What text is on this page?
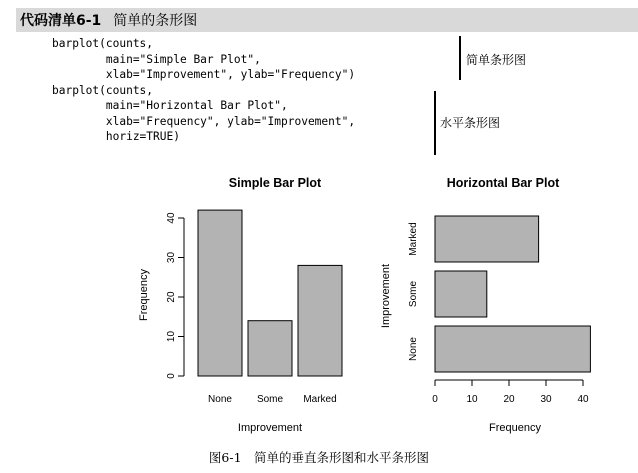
代码清单6-1 简单的条形图
barplot(counts,
main="Simple Bar Plot",
xlab="Improvement", ylab="Frequency")
barplot(counts,
main="Horizontal Bar Plot",
xlab="Frequency", ylab="Improvement",
horiz=TRUE)
简单条形图
水平条形图
Simple Bar Plot
None Some Marked
0
10
20
30
40
Frequency
Improvement
Horizontal Bar Plot
None
Some
Marked
0	10	20	30	40
Improvement
Frequency
图6-1　简单的垂直条形图和水平条形图
